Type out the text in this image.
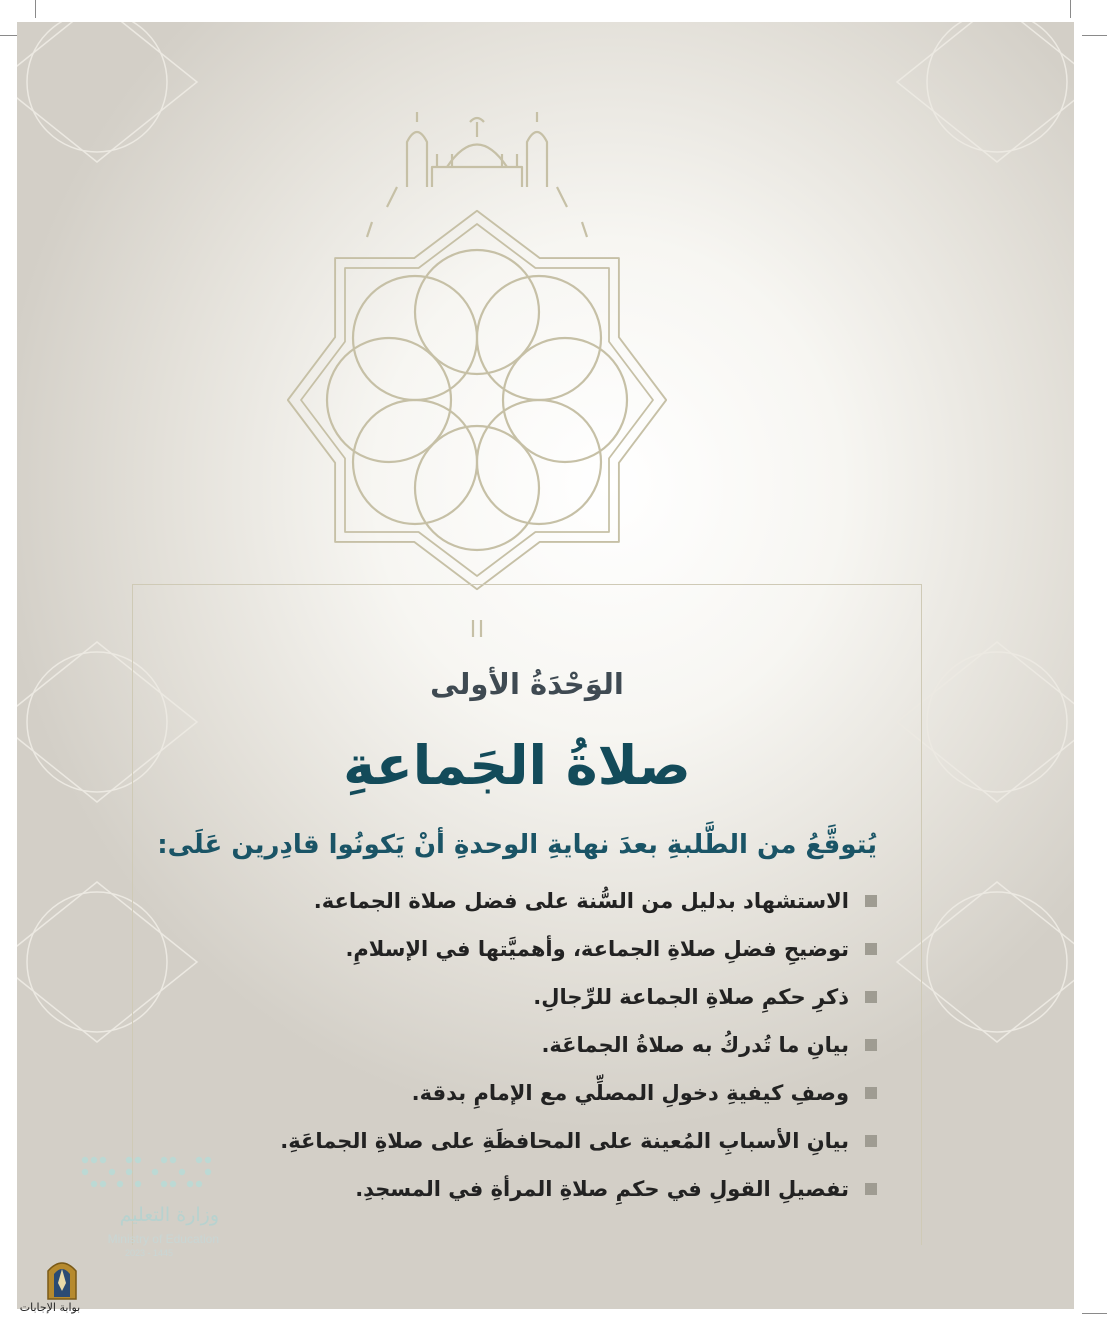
الوَحْدَةُ الأولى
صلاةُ الجَماعةِ

يُتوقَّعُ من الطَّلبةِ بعدَ نهايةِ الوحدةِ أنْ يَكونُوا قادِرين عَلَى:

الاستشهاد بدليل من السُّنة على فضل صلاة الجماعة.
توضيحِ فضلِ صلاةِ الجماعة، وأهميَّتها في الإسلامِ.
ذكرِ حكمِ صلاةِ الجماعة للرِّجالِ.
بيانِ ما تُدركُ به صلاةُ الجماعَة.
وصفِ كيفيةِ دخولِ المصلِّي مع الإمامِ بدقة.
بيانِ الأسبابِ المُعينة على المحافظَةِ على صلاةِ الجماعَةِ.
تفصيلِ القولِ في حكمِ صلاةِ المرأةِ في المسجدِ.
وزارة التعليم
Ministry of Education
2023 - 1445
بوابة الإجابات
